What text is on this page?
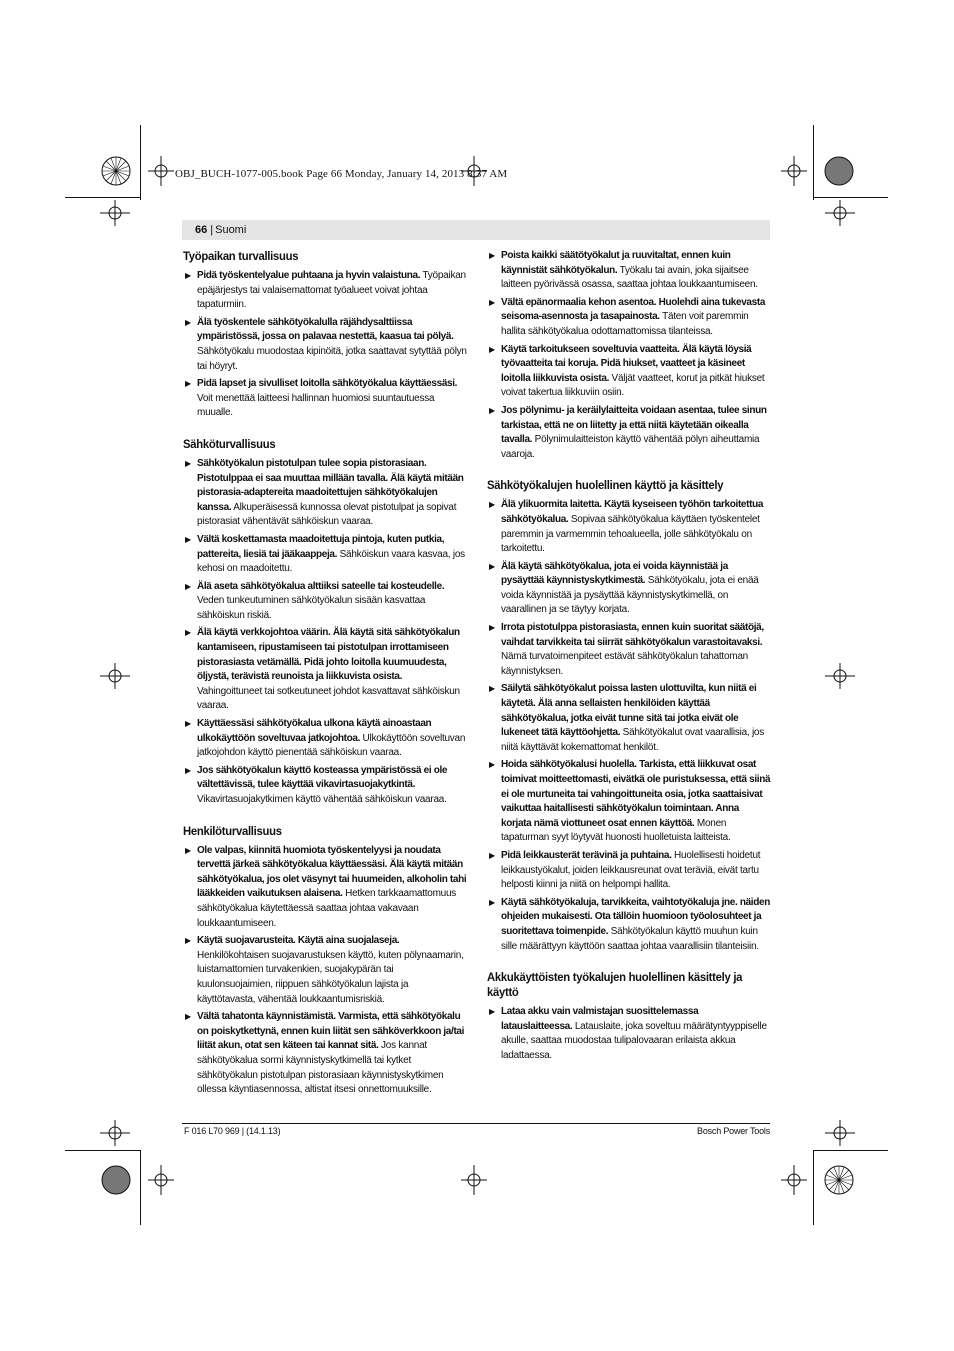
OBJ_BUCH-1077-005.book Page 66 Monday, January 14, 2013 8:37 AM
66 | Suomi
Työpaikan turvallisuus
▶ Pidä työskentelyalue puhtaana ja hyvin valaistuna. Työpaikan epäjärjestys tai valaisemattomat työalueet voivat johtaa tapaturmiin.
▶ Älä työskentele sähkötyökalulla räjähdysalttiissa ympäristössä, jossa on palavaa nestettä, kaasua tai pölyä. Sähkötyökalu muodostaa kipinöitä, jotka saattavat sytyttää pölyn tai höyryt.
▶ Pidä lapset ja sivulliset loitolla sähkötyökalua käyttäessäsi. Voit menettää laitteesi hallinnan huomiosi suuntautuessa muualle.
Sähköturvallisuus
▶ Sähkötyökalun pistotulpan tulee sopia pistorasiaan. Pistotulppaa ei saa muuttaa millään tavalla. Älä käytä mitään pistorasia-adaptereita maadoitettujen sähkötyökalujen kanssa. Alkuperäisessä kunnossa olevat pistotulpat ja sopivat pistorasiat vähentävät sähköiskun vaaraa.
▶ Vältä koskettamasta maadoitettuja pintoja, kuten putkia, pattereita, liesiä tai jääkaappeja. Sähköiskun vaara kasvaa, jos kehosi on maadoitettu.
▶ Älä aseta sähkötyökalua alttiiksi sateelle tai kosteudelle. Veden tunkeutuminen sähkötyökalun sisään kasvattaa sähköiskun riskiä.
▶ Älä käytä verkkojohtoa väärin. Älä käytä sitä sähkötyökalun kantamiseen, ripustamiseen tai pistotulpan irrottamiseen pistorasiasta vetämällä. Pidä johto loitolla kuumuudesta, öljystä, terävistä reunoista ja liikkuvista osista. Vahingoittuneet tai sotkeutuneet johdot kasvattavat sähköiskun vaaraa.
▶ Käyttäessäsi sähkötyökalua ulkona käytä ainoastaan ulkokäyttöön soveltuvaa jatkojohtoa. Ulkokäyttöön soveltuvan jatkojohdon käyttö pienentää sähköiskun vaaraa.
▶ Jos sähkötyökalun käyttö kosteassa ympäristössä ei ole vältettävissä, tulee käyttää vikavirtasuojakytkintä. Vikavirtasuojakytkimen käyttö vähentää sähköiskun vaaraa.
Henkilöturvallisuus
▶ Ole valpas, kiinnitä huomiota työskentelyysi ja noudata tervettä järkeä sähkötyökalua käyttäessäsi. Älä käytä mitään sähkötyökalua, jos olet väsynyt tai huumeiden, alkoholin tahi lääkkeiden vaikutuksen alaisena. Hetken tarkkaamattomuus sähkötyökalua käytettäessä saattaa johtaa vakavaan loukkaantumiseen.
▶ Käytä suojavarusteita. Käytä aina suojalaseja. Henkilökohtaisen suojavarustuksen käyttö, kuten pölynaamarin, luistamattomien turvakenkien, suojakypärän tai kuulonsuojaimien, riippuen sähkötyökalun lajista ja käyttötavasta, vähentää loukkaantumisriskiä.
▶ Vältä tahatonta käynnistämistä. Varmista, että sähkötyökalu on poiskytkettynä, ennen kuin liität sen sähköverkkoon ja/tai liität akun, otat sen käteen tai kannat sitä. Jos kannat sähkötyökalua sormi käynnistyskytkimellä tai kytket sähkötyökalun pistotulpan pistorasiaan käynnistyskytkimen ollessa käyntiasennossa, altistat itsesi onnettomuuksille.
▶ Poista kaikki säätötyökalut ja ruuvitaltat, ennen kuin käynnistät sähkötyökalun. Työkalu tai avain, joka sijaitsee laitteen pyörivässä osassa, saattaa johtaa loukkaantumiseen.
▶ Vältä epänormaalia kehon asentoa. Huolehdi aina tukevasta seisoma-asennosta ja tasapainosta. Täten voit paremmin hallita sähkötyökalua odottamattomissa tilanteissa.
▶ Käytä tarkoitukseen soveltuvia vaatteita. Älä käytä löysiä työvaatteita tai koruja. Pidä hiukset, vaatteet ja käsineet loitolla liikkuvista osista. Väljät vaatteet, korut ja pitkät hiukset voivat takertua liikkuviin osiin.
▶ Jos pölynimu- ja keräilylaitteita voidaan asentaa, tulee sinun tarkistaa, että ne on liitetty ja että niitä käytetään oikealla tavalla. Pölynimulaitteiston käyttö vähentää pölyn aiheuttamia vaaroja.
Sähkötyökalujen huolellinen käyttö ja käsittely
▶ Älä ylikuormita laitetta. Käytä kyseiseen työhön tarkoitettua sähkötyökalua. Sopivaa sähkötyökalua käyttäen työskentelet paremmin ja varmemmin tehoalueella, jolle sähkötyökalu on tarkoitettu.
▶ Älä käytä sähkötyökalua, jota ei voida käynnistää ja pysäyttää käynnistyskytkimestä. Sähkötyökalu, jota ei enää voida käynnistää ja pysäyttää käynnistyskytkimellä, on vaarallinen ja se täytyy korjata.
▶ Irrota pistotulppa pistorasiasta, ennen kuin suoritat säätöjä, vaihdat tarvikkeita tai siirrät sähkötyökalun varastoitavaksi. Nämä turvatoimenpiteet estävät sähkötyökalun tahattoman käynnistyksen.
▶ Säilytä sähkötyökalut poissa lasten ulottuvilta, kun niitä ei käytetä. Älä anna sellaisten henkilöiden käyttää sähkötyökalua, jotka eivät tunne sitä tai jotka eivät ole lukeneet tätä käyttöohjetta. Sähkötyökalut ovat vaarallisia, jos niitä käyttävät kokemattomat henkilöt.
▶ Hoida sähkötyökalusi huolella. Tarkista, että liikkuvat osat toimivat moitteettomasti, eivätkä ole puristuksessa, että siinä ei ole murtuneita tai vahingoittuneita osia, jotka saattaisivat vaikuttaa haitallisesti sähkötyökalun toimintaan. Anna korjata nämä viottuneet osat ennen käyttöä. Monen tapaturman syyt löytyvät huonosti huolletuista laitteista.
▶ Pidä leikkausterät terävinä ja puhtaina. Huolellisesti hoidetut leikkaustyökalut, joiden leikkausreunat ovat teräviä, eivät tartu helposti kiinni ja niitä on helpompi hallita.
▶ Käytä sähkötyökaluja, tarvikkeita, vaihtotyökaluja jne. näiden ohjeiden mukaisesti. Ota tällöin huomioon työolosuhteet ja suoritettava toimenpide. Sähkötyökalun käyttö muuhun kuin sille määrättyyn käyttöön saattaa johtaa vaarallisiin tilanteisiin.
Akkukäyttöisten työkalujen huolellinen käsittely ja käyttö
▶ Lataa akku vain valmistajan suosittelemassa latauslaitteessa. Latauslaite, joka soveltuu määrätyntyyppiselle akulle, saattaa muodostaa tulipalovaaran erilaista akkua ladattaessa.
F 016 L70 969 | (14.1.13)	Bosch Power Tools
